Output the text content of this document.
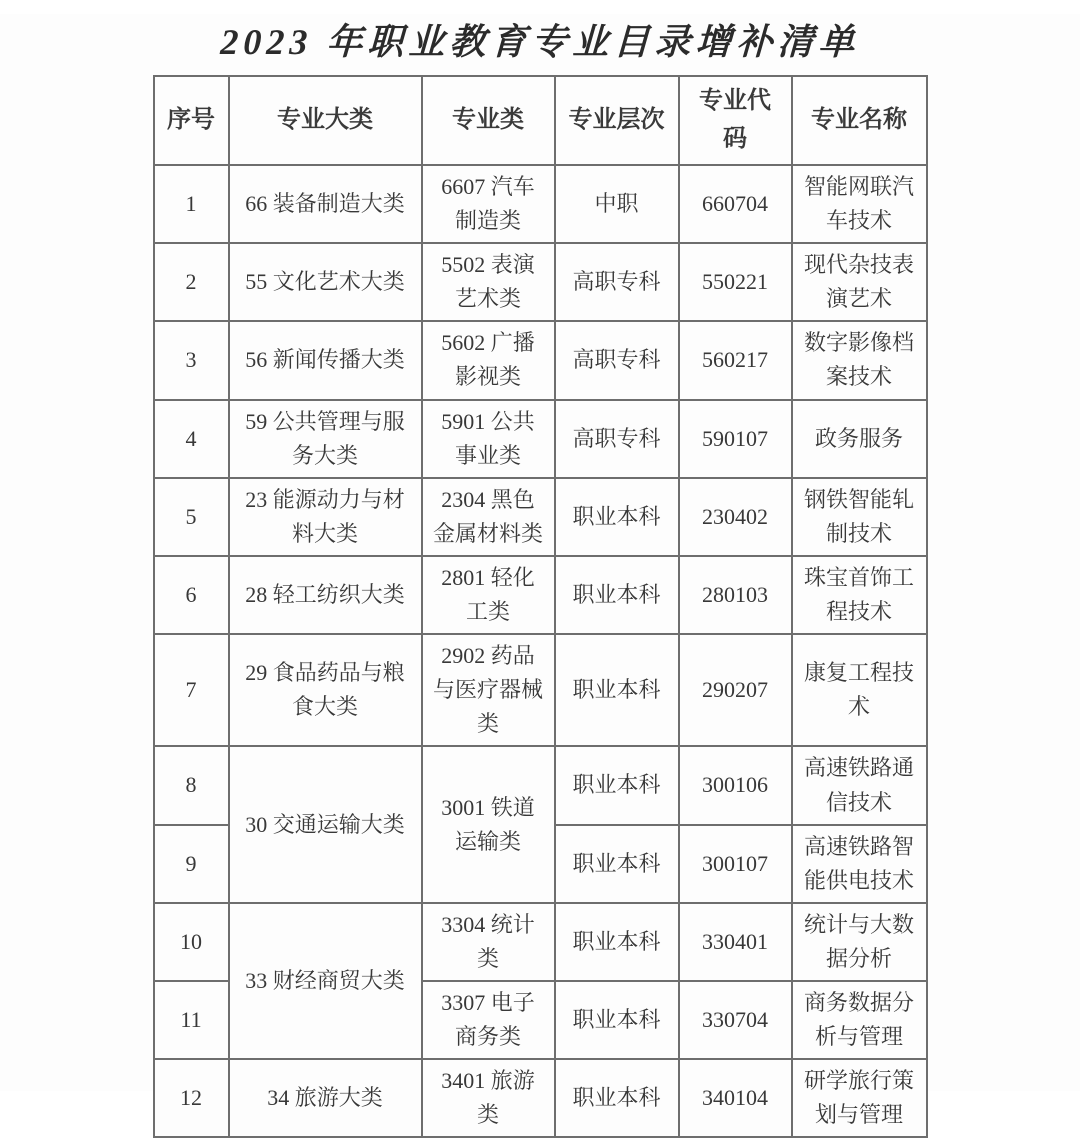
2023 年职业教育专业目录增补清单
序号	专业大类	专业类	专业层次	专业代码	专业名称
1	66 装备制造大类	6607 汽车制造类	中职	660704	智能网联汽车技术
2	55 文化艺术大类	5502 表演艺术类	高职专科	550221	现代杂技表演艺术
3	56 新闻传播大类	5602 广播影视类	高职专科	560217	数字影像档案技术
4	59 公共管理与服务大类	5901 公共事业类	高职专科	590107	政务服务
5	23 能源动力与材料大类	2304 黑色金属材料类	职业本科	230402	钢铁智能轧制技术
6	28 轻工纺织大类	2801 轻化工类	职业本科	280103	珠宝首饰工程技术
7	29 食品药品与粮食大类	2902 药品与医疗器械类	职业本科	290207	康复工程技术
8	30 交通运输大类	3001 铁道运输类	职业本科	300106	高速铁路通信技术
9			职业本科	300107	高速铁路智能供电技术
10	33 财经商贸大类	3304 统计类	职业本科	330401	统计与大数据分析
11		3307 电子商务类	职业本科	330704	商务数据分析与管理
12	34 旅游大类	3401 旅游类	职业本科	340104	研学旅行策划与管理
